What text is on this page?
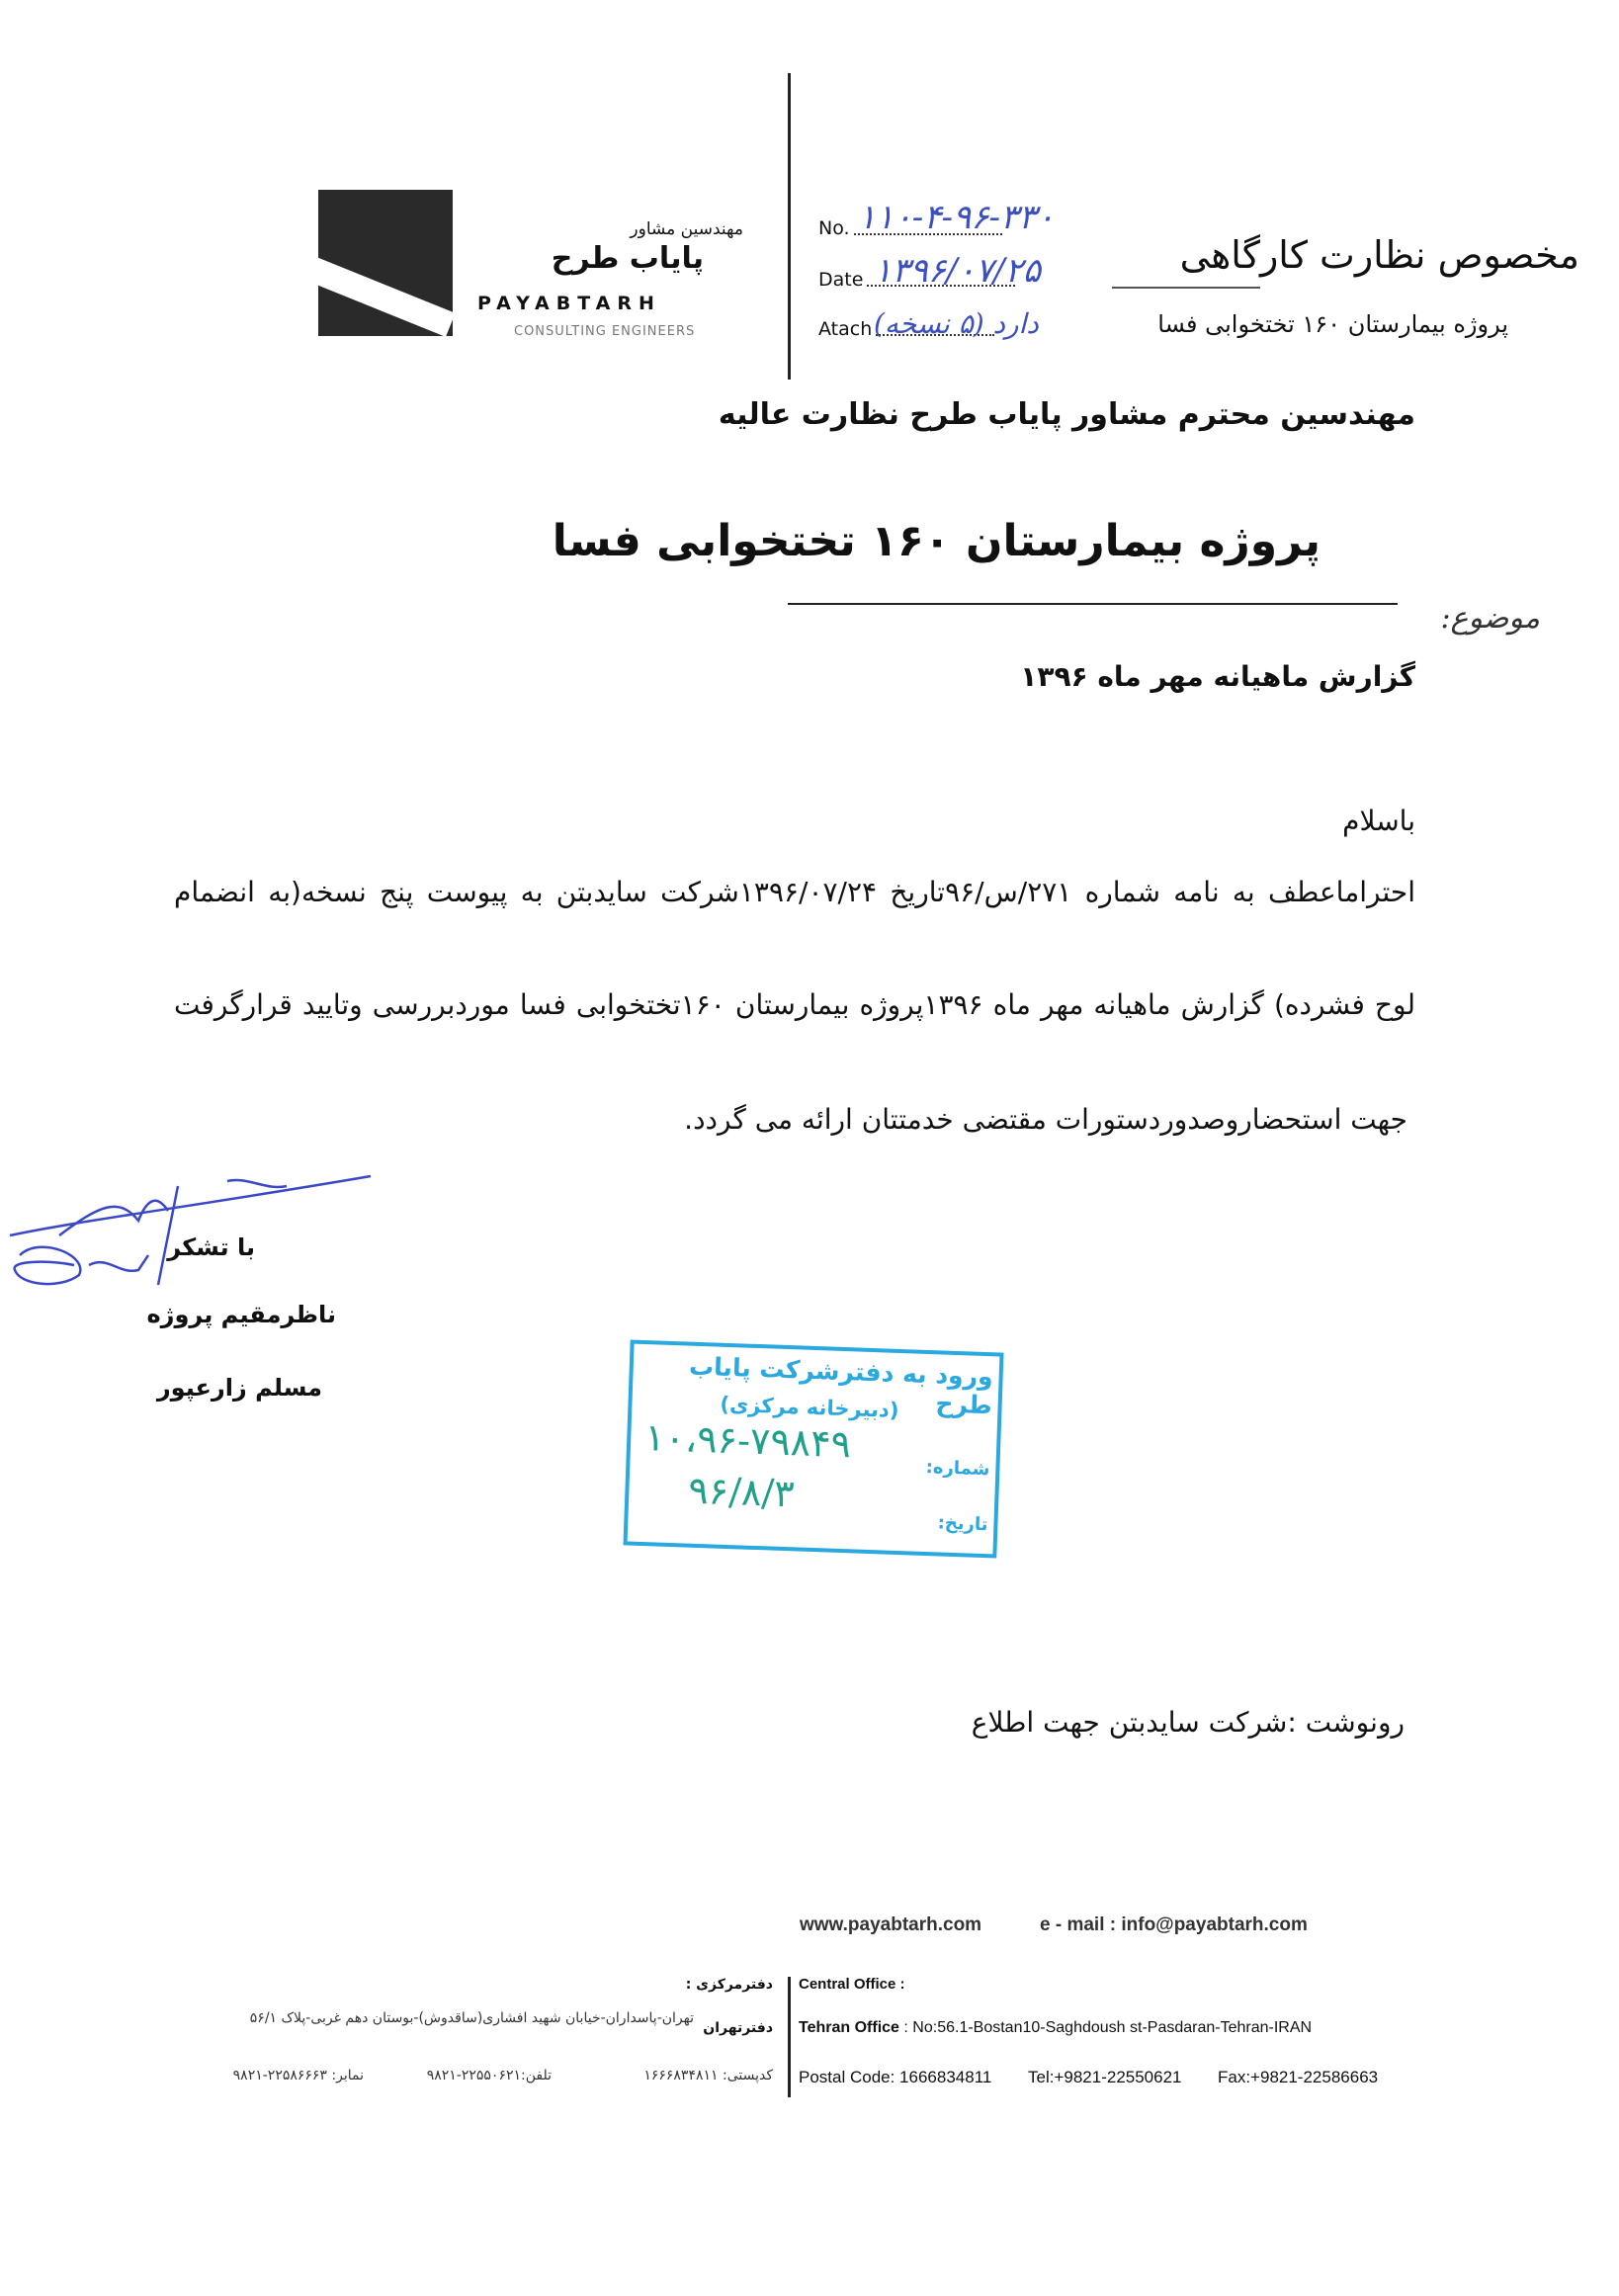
مهندسین مشاور
پایاب طرح
PAYABTARH
CONSULTING ENGINEERS
No. ۱۱۰-۴-۹۶-۳۳۰
Date ۱۳۹۶/۰۷/۲۵
Atach دارد (۵ نسخه)
مخصوص نظارت کارگاهی
پروژه بیمارستان ۱۶۰ تختخوابی فسا
مهندسین محترم مشاور پایاب طرح نظارت عالیه
پروژه بیمارستان ۱۶۰ تختخوابی فسا
موضوع:
گزارش ماهیانه مهر ماه ۱۳۹۶
باسلام
احتراماعطف به نامه شماره ۲۷۱/س/۹۶تاریخ ۱۳۹۶/۰۷/۲۴شرکت سایدبتن به پیوست پنج نسخه(به انضمام
لوح فشرده) گزارش ماهیانه مهر ماه ۱۳۹۶پروژه بیمارستان ۱۶۰تختخوابی فسا موردبررسی وتایید قرارگرفت
جهت استحضاروصدوردستورات مقتضی خدمتتان ارائه می گردد.
با تشکر
ناظرمقیم پروژه
مسلم زارعپور	ورود به دفترشرکت پایاب طرح
(دبیرخانه مرکزی)
شماره:
۱۰،۹۶-۷۹۸۴۹
تاریخ:
۹۶/۸/۳
رونوشت :شرکت سایدبتن جهت اطلاع
www.payabtarh.com	e - mail : info@payabtarh.com
دفترمرکزی :
دفترتهران
تهران-پاسداران-خیابان شهید افشاری(ساقدوش)-بوستان دهم غربی-پلاک ۵۶/۱
کدپستی: ۱۶۶۶۸۳۴۸۱۱
تلفن:۲۲۵۵۰۶۲۱-۹۸۲۱
نمابر: ۲۲۵۸۶۶۶۳-۹۸۲۱
Central Office :
Tehran Office : No:56.1-Bostan10-Saghdoush st-Pasdaran-Tehran-IRAN
Postal Code: 1666834811 Tel:+9821-22550621 Fax:+9821-22586663
